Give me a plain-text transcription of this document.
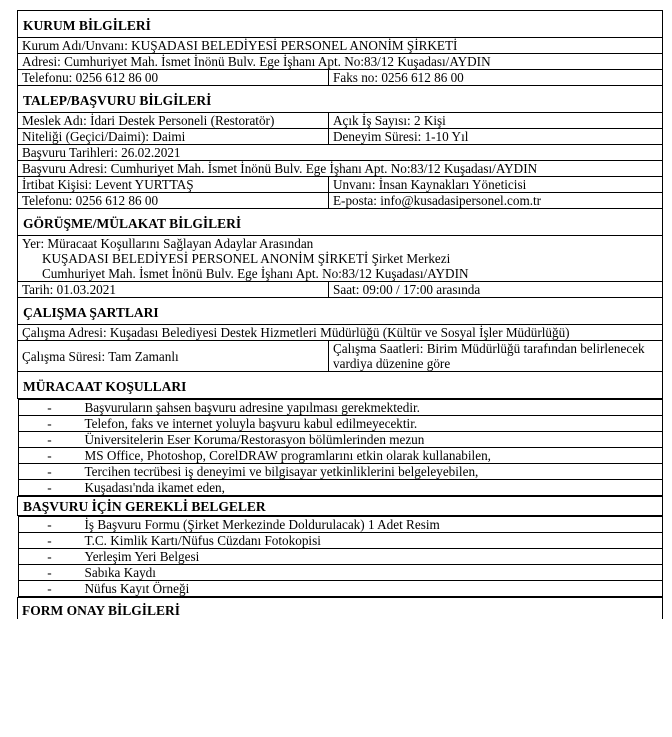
KURUM BİLGİLERİ
Kurum Adı/Unvanı: KUŞADASI BELEDİYESİ PERSONEL ANONİM ŞİRKETİ
Adresi: Cumhuriyet Mah. İsmet İnönü Bulv. Ege İşhanı Apt. No:83/12 Kuşadası/AYDIN
Telefonu: 0256 612 86 00	Faks no: 0256 612 86 00
TALEP/BAŞVURU BİLGİLERİ
Meslek Adı: İdari Destek Personeli (Restoratör)	Açık İş Sayısı: 2 Kişi
Niteliği (Geçici/Daimi): Daimi	Deneyim Süresi: 1-10 Yıl
Başvuru Tarihleri: 26.02.2021
Başvuru Adresi: Cumhuriyet Mah. İsmet İnönü Bulv. Ege İşhanı Apt. No:83/12 Kuşadası/AYDIN
İrtibat Kişisi: Levent YURTTAŞ	Unvanı: İnsan Kaynakları Yöneticisi
Telefonu: 0256 612 86 00	E-posta: info@kusadasipersonel.com.tr
GÖRÜŞME/MÜLAKAT BİLGİLERİ

Yer: Müracaat Koşullarını Sağlayan Adaylar Arasından
KUŞADASI BELEDİYESİ PERSONEL ANONİM ŞİRKETİ Şirket Merkezi
Cumhuriyet Mah. İsmet İnönü Bulv. Ege İşhanı Apt. No:83/12 Kuşadası/AYDIN

Tarih: 01.03.2021	Saat: 09:00 / 17:00 arasında
ÇALIŞMA ŞARTLARI
Çalışma Adresi: Kuşadası Belediyesi Destek Hizmetleri Müdürlüğü (Kültür ve Sosyal İşler Müdürlüğü)
Çalışma Süresi: Tam Zamanlı	Çalışma Saatleri: Birim Müdürlüğü tarafından belirlenecek vardiya düzenine göre
MÜRACAAT KOŞULLARI

-	Başvuruların şahsen başvuru adresine yapılması gerekmektedir.
-	Telefon, faks ve internet yoluyla başvuru kabul edilmeyecektir.
-	Üniversitelerin Eser Koruma/Restorasyon bölümlerinden mezun
-	MS Office, Photoshop, CorelDRAW programlarını etkin olarak kullanabilen,
-	Tercihen tecrübesi iş deneyimi ve bilgisayar yetkinliklerini belgeleyebilen,
-	Kuşadası'nda ikamet eden,

BAŞVURU İÇİN GEREKLİ BELGELER

-	İş Başvuru Formu (Şirket Merkezinde Doldurulacak) 1 Adet Resim
-	T.C. Kimlik Kartı/Nüfus Cüzdanı Fotokopisi
-	Yerleşim Yeri Belgesi
-	Sabıka Kaydı
-	Nüfus Kayıt Örneği

FORM ONAY BİLGİLERİ
